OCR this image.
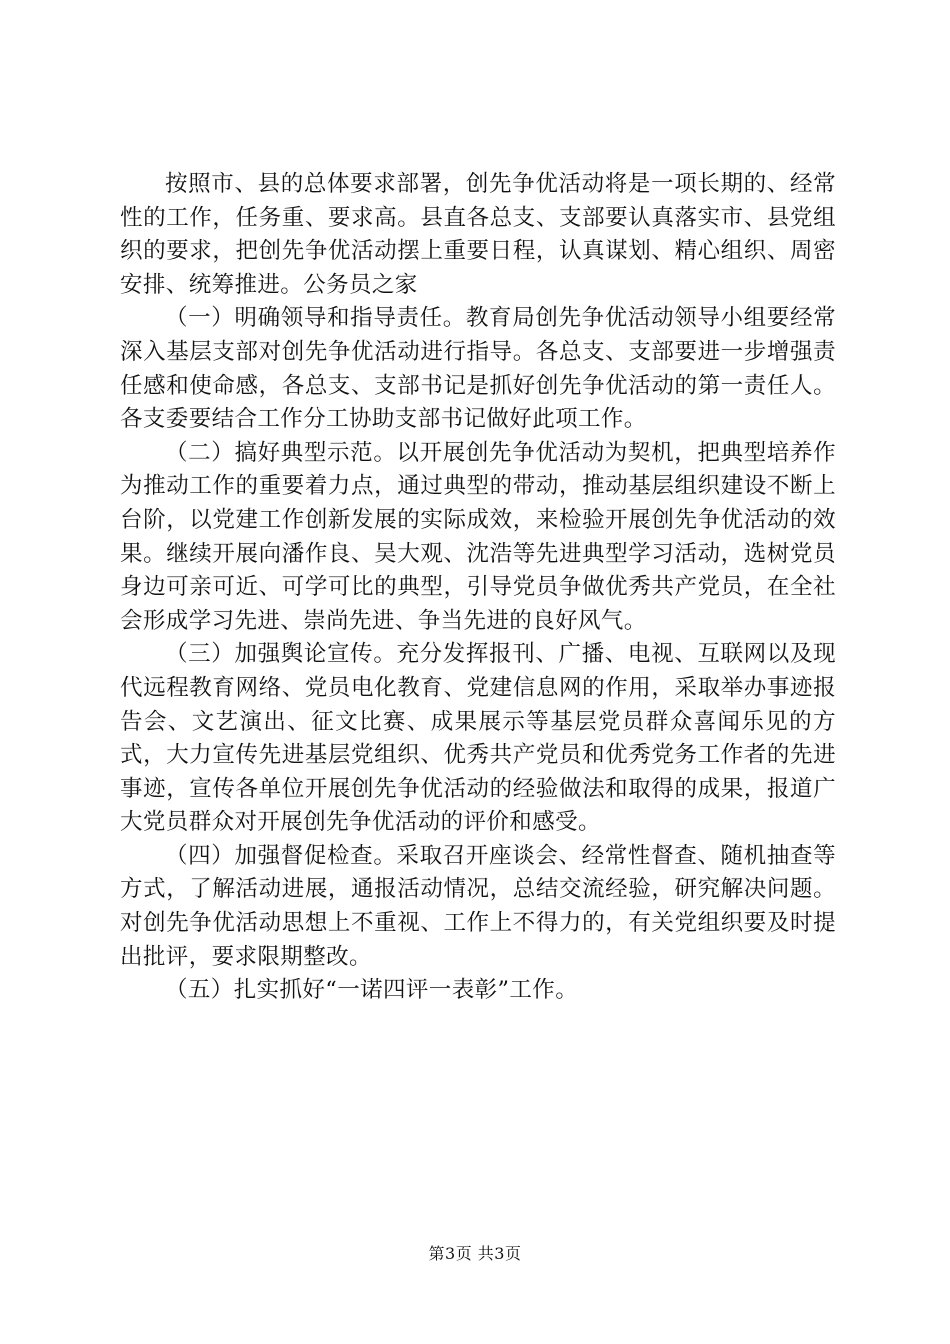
按照市、县的总体要求部署，创先争优活动将是一项长期的、经常性的工作，任务重、要求高。县直各总支、支部要认真落实市、县党组织的要求，把创先争优活动摆上重要日程，认真谋划、精心组织、周密安排、统筹推进。公务员之家

（一）明确领导和指导责任。教育局创先争优活动领导小组要经常深入基层支部对创先争优活动进行指导。各总支、支部要进一步增强责任感和使命感，各总支、支部书记是抓好创先争优活动的第一责任人。各支委要结合工作分工协助支部书记做好此项工作。

（二）搞好典型示范。以开展创先争优活动为契机，把典型培养作为推动工作的重要着力点，通过典型的带动，推动基层组织建设不断上台阶，以党建工作创新发展的实际成效，来检验开展创先争优活动的效果。继续开展向潘作良、吴大观、沈浩等先进典型学习活动，选树党员身边可亲可近、可学可比的典型，引导党员争做优秀共产党员，在全社会形成学习先进、崇尚先进、争当先进的良好风气。

（三）加强舆论宣传。充分发挥报刊、广播、电视、互联网以及现代远程教育网络、党员电化教育、党建信息网的作用，采取举办事迹报告会、文艺演出、征文比赛、成果展示等基层党员群众喜闻乐见的方式，大力宣传先进基层党组织、优秀共产党员和优秀党务工作者的先进事迹，宣传各单位开展创先争优活动的经验做法和取得的成果，报道广大党员群众对开展创先争优活动的评价和感受。

（四）加强督促检查。采取召开座谈会、经常性督查、随机抽查等方式，了解活动进展，通报活动情况，总结交流经验，研究解决问题。对创先争优活动思想上不重视、工作上不得力的，有关党组织要及时提出批评，要求限期整改。

（五）扎实抓好“一诺四评一表彰”工作。

第3页 共3页
